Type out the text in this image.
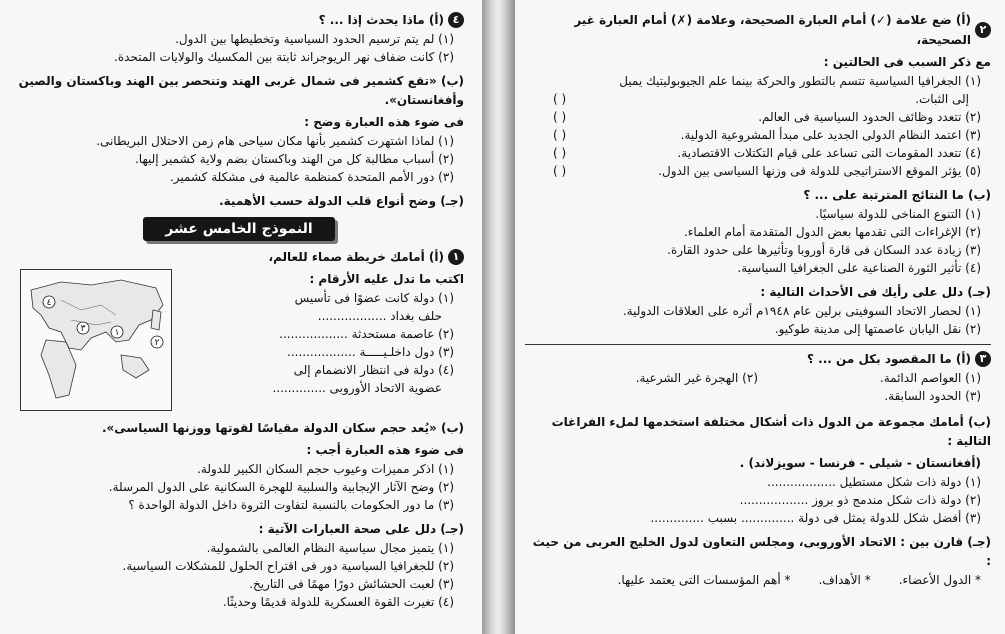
٤
(أ) ماذا يحدث إذا ... ؟
(١) لم يتم ترسيم الحدود السياسية وتخطيطها بين الدول.
(٢) كانت ضفاف نهر الريوجراند ثابتة بين المكسيك والولايات المتحدة.
(ب) «تقع كشمير فى شمال غربى الهند وتنحصر بين الهند وباكستان والصين وأفغانستان».
فى ضوء هذه العبارة وضح :
(١) لماذا اشتهرت كشمير بأنها مكان سياحى هام زمن الاحتلال البريطانى.
(٢) أسباب مطالبة كل من الهند وباكستان بضم ولاية كشمير إليها.
(٣) دور الأمم المتحدة كمنظمة عالمية فى مشكلة كشمير.
(جـ) وضح أنواع قلب الدولة حسب الأهمية.
النموذج الخامس عشر
١
(أ) أمامك خريطة صماء للعالم،
اكتب ما تدل عليه الأرقام :
(١) دولة كانت عضوًا فى تأسيس
حلف بغداد ..................
(٢) عاصمة مستحدثة ..................
(٣) دول داخلـيـــــة ..................
(٤) دولة فى انتظار الانضمام إلى
عضوية الاتحاد الأوروبى ..............
٤
٣	١
٢
(ب) «يُعد حجم سكان الدولة مقياسًا لقوتها ووزنها السياسى».
فى ضوء هذه العبارة أجب :
(١) اذكر مميزات وعيوب حجم السكان الكبير للدولة.
(٢) وضح الآثار الإيجابية والسلبية للهجرة السكانية على الدول المرسلة.
(٣) ما دور الحكومات بالنسبة لتفاوت الثروة داخل الدولة الواحدة ؟
(جـ) دلل على صحة العبارات الآتية :
(١) يتميز مجال سياسية النظام العالمى بالشمولية.
(٢) للجغرافيا السياسية دور فى اقتراح الحلول للمشكلات السياسية.
(٣) لعبت الحشائش دورًا مهمًا فى التاريخ.
(٤) تغيرت القوة العسكرية للدولة قديمًا وحديثًا.
٢
(أ) ضع علامة (✓) أمام العبارة الصحيحة، وعلامة (✗) أمام العبارة غير الصحيحة،
مع ذكر السبب فى الحالتين :
(١) الجغرافيا السياسية تتسم بالتطور والحركة بينما علم الجيوبوليتيك يميل
إلى الثبات.
( )
(٢) تتعدد وظائف الحدود السياسية فى العالم.
( )
(٣) اعتمد النظام الدولى الجديد على مبدأ المشروعية الدولية.
( )
(٤) تتعدد المقومات التى تساعد على قيام التكتلات الاقتصادية.
( )
(٥) يؤثر الموقع الاستراتيجى للدولة فى وزنها السياسى بين الدول.
( )
(ب) ما النتائج المترتبة على ... ؟
(١) التنوع المناخى للدولة سياسيًا.
(٢) الإغراءات التى تقدمها بعض الدول المتقدمة أمام العلماء.
(٣) زيادة عدد السكان فى قارة أوروبا وتأثيرها على حدود القارة.
(٤) تأثير الثورة الصناعية على الجغرافيا السياسية.
(جـ) دلل على رأيك فى الأحداث التالية :
(١) لحصار الاتحاد السوفيتى برلين عام ١٩٤٨م أثره على العلاقات الدولية.
(٢) نقل اليابان عاصمتها إلى مدينة طوكيو.
٣
(أ) ما المقصود بكل من ... ؟
(١) العواصم الدائمة.
(٣) الحدود السابقة.
(٢) الهجرة غير الشرعية.
(ب) أمامك مجموعة من الدول ذات أشكال مختلفة استخدمها لملء الفراغات التالية :
(أفغانستان - شيلى - فرنسا - سويزلاند) .
(١) دولة ذات شكل مستطيل ..................
(٢) دولة ذات شكل مندمج ذو بروز ..................
(٣) أفضل شكل للدولة يمثل فى دولة .............. بسبب ..............
(جـ) قارن بين : الاتحاد الأوروبى، ومجلس التعاون لدول الخليج العربى من حيث :
* الدول الأعضاء.
* الأهداف.
* أهم المؤسسات التى يعتمد عليها.
